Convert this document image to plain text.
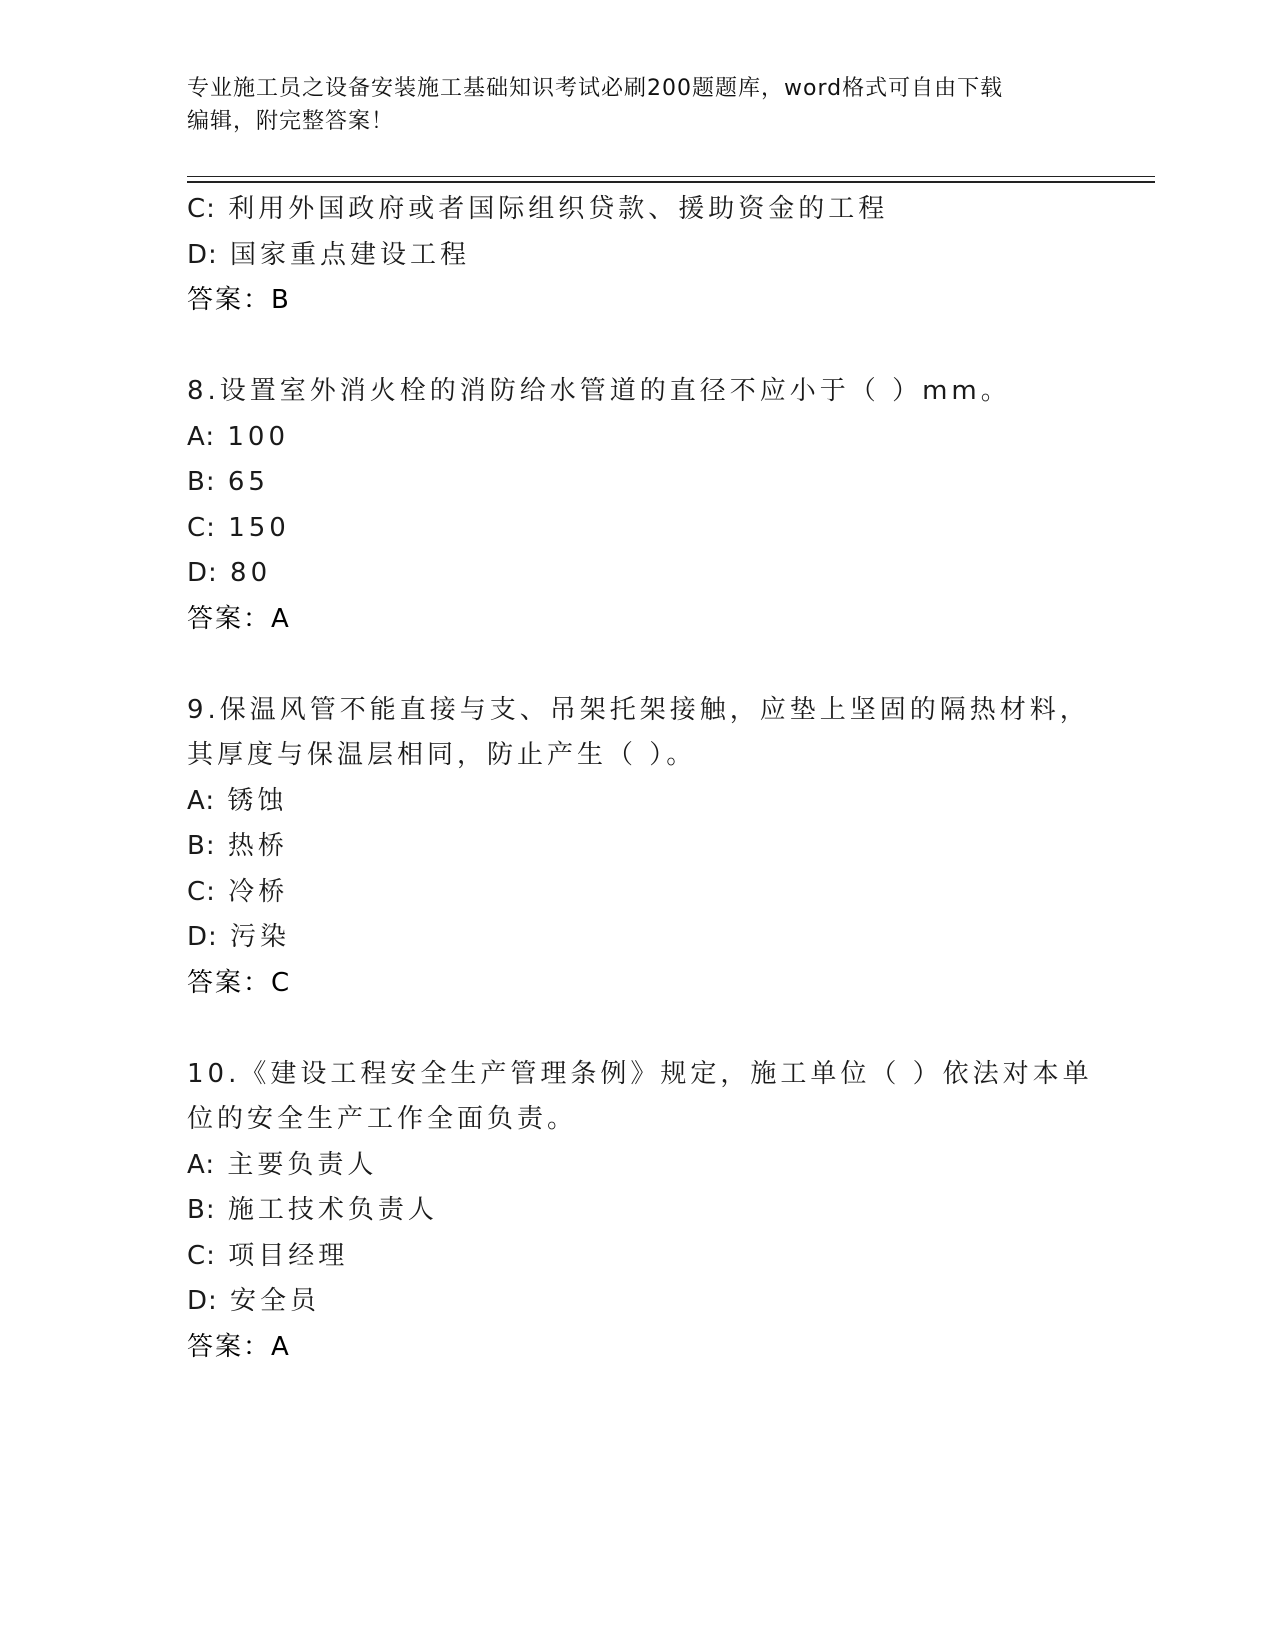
专业施工员之设备安装施工基础知识考试必刷200题题库，word格式可自由下载
编辑，附完整答案！
C: 利用外国政府或者国际组织贷款、援助资金的工程
D: 国家重点建设工程
答案：B
8.设置室外消火栓的消防给水管道的直径不应小于（ ）mm。
A: 100
B: 65
C: 150
D: 80
答案：A
9.保温风管不能直接与支、吊架托架接触，应垫上坚固的隔热材料，
其厚度与保温层相同，防止产生（ ）。
A: 锈蚀
B: 热桥
C: 冷桥
D: 污染
答案：C
10.《建设工程安全生产管理条例》规定，施工单位（ ）依法对本单
位的安全生产工作全面负责。
A: 主要负责人
B: 施工技术负责人
C: 项目经理
D: 安全员
答案：A
